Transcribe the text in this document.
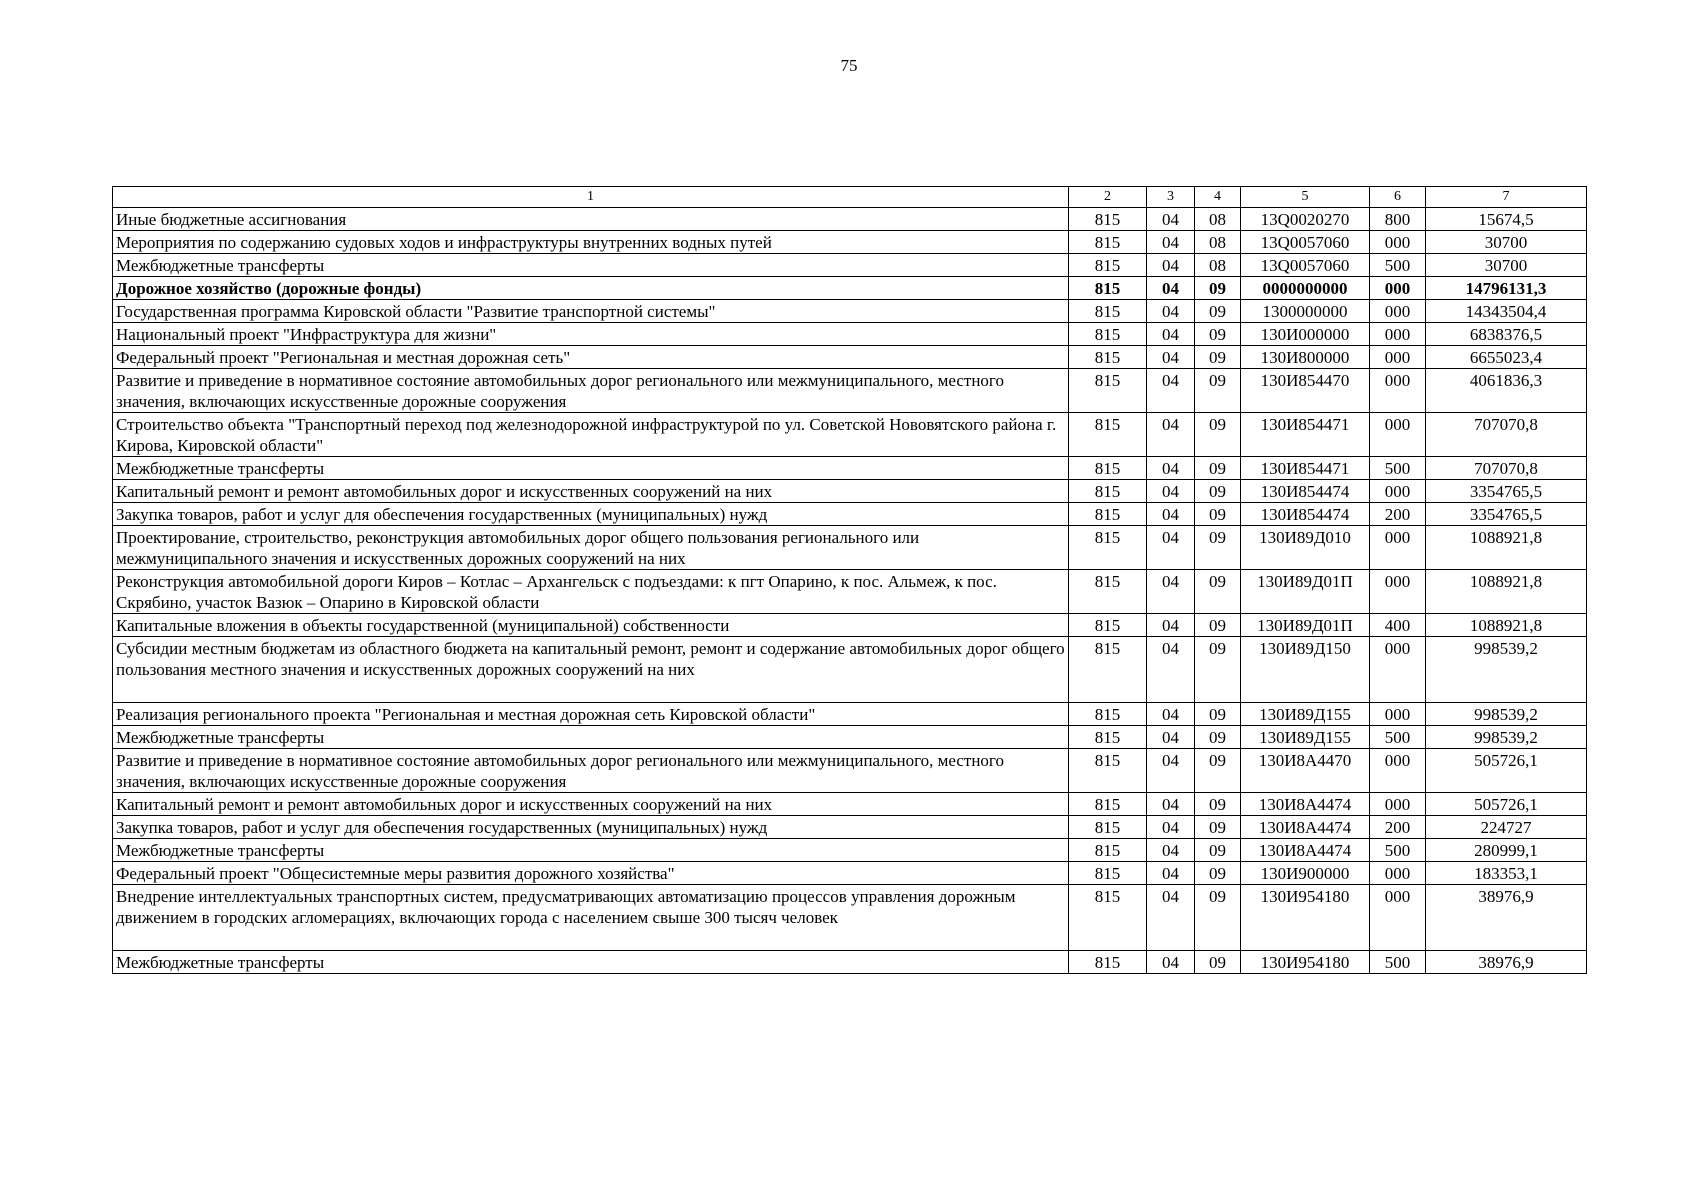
75
1	2	3	4	5	6	7
Иные бюджетные ассигнования	815	04	08	13Q0020270	800	15674,5
Мероприятия по содержанию судовых ходов и инфраструктуры внутренних водных путей	815	04	08	13Q0057060	000	30700
Межбюджетные трансферты	815	04	08	13Q0057060	500	30700
Дорожное хозяйство (дорожные фонды)	815	04	09	0000000000	000	14796131,3
Государственная программа Кировской области "Развитие транспортной системы"	815	04	09	1300000000	000	14343504,4
Национальный проект "Инфраструктура для жизни"	815	04	09	130И000000	000	6838376,5
Федеральный проект "Региональная и местная дорожная сеть"	815	04	09	130И800000	000	6655023,4
Развитие и приведение в нормативное состояние автомобильных дорог регионального или межмуниципального, местного значения, включающих искусственные дорожные сооружения	815	04	09	130И854470	000	4061836,3
Строительство объекта "Транспортный переход под железнодорожной инфраструктурой по ул. Советской Нововятского района г. Кирова, Кировской области"	815	04	09	130И854471	000	707070,8
Межбюджетные трансферты	815	04	09	130И854471	500	707070,8
Капитальный ремонт и ремонт автомобильных дорог и искусственных сооружений на них	815	04	09	130И854474	000	3354765,5
Закупка товаров, работ и услуг для обеспечения государственных (муниципальных) нужд	815	04	09	130И854474	200	3354765,5
Проектирование, строительство, реконструкция автомобильных дорог общего пользования регионального или межмуниципального значения и искусственных дорожных сооружений на них	815	04	09	130И89Д010	000	1088921,8
Реконструкция автомобильной дороги Киров – Котлас – Архангельск с подъездами: к пгт Опарино, к пос. Альмеж, к пос. Скрябино, участок Вазюк – Опарино в Кировской области	815	04	09	130И89Д01П	000	1088921,8
Капитальные вложения в объекты государственной (муниципальной) собственности	815	04	09	130И89Д01П	400	1088921,8
Субсидии местным бюджетам из областного бюджета на капитальный ремонт, ремонт и содержание автомобильных дорог общего пользования местного значения и искусственных дорожных сооружений на них	815	04	09	130И89Д150	000	998539,2
Реализация регионального проекта "Региональная и местная дорожная сеть Кировской области"	815	04	09	130И89Д155	000	998539,2
Межбюджетные трансферты	815	04	09	130И89Д155	500	998539,2
Развитие и приведение в нормативное состояние автомобильных дорог регионального или межмуниципального, местного значения, включающих искусственные дорожные сооружения	815	04	09	130И8А4470	000	505726,1
Капитальный ремонт и ремонт автомобильных дорог и искусственных сооружений на них	815	04	09	130И8А4474	000	505726,1
Закупка товаров, работ и услуг для обеспечения государственных (муниципальных) нужд	815	04	09	130И8А4474	200	224727
Межбюджетные трансферты	815	04	09	130И8А4474	500	280999,1
Федеральный проект "Общесистемные меры развития дорожного хозяйства"	815	04	09	130И900000	000	183353,1
Внедрение интеллектуальных транспортных систем, предусматривающих автоматизацию процессов управления дорожным движением в городских агломерациях, включающих города с населением свыше 300 тысяч человек	815	04	09	130И954180	000	38976,9
Межбюджетные трансферты	815	04	09	130И954180	500	38976,9
